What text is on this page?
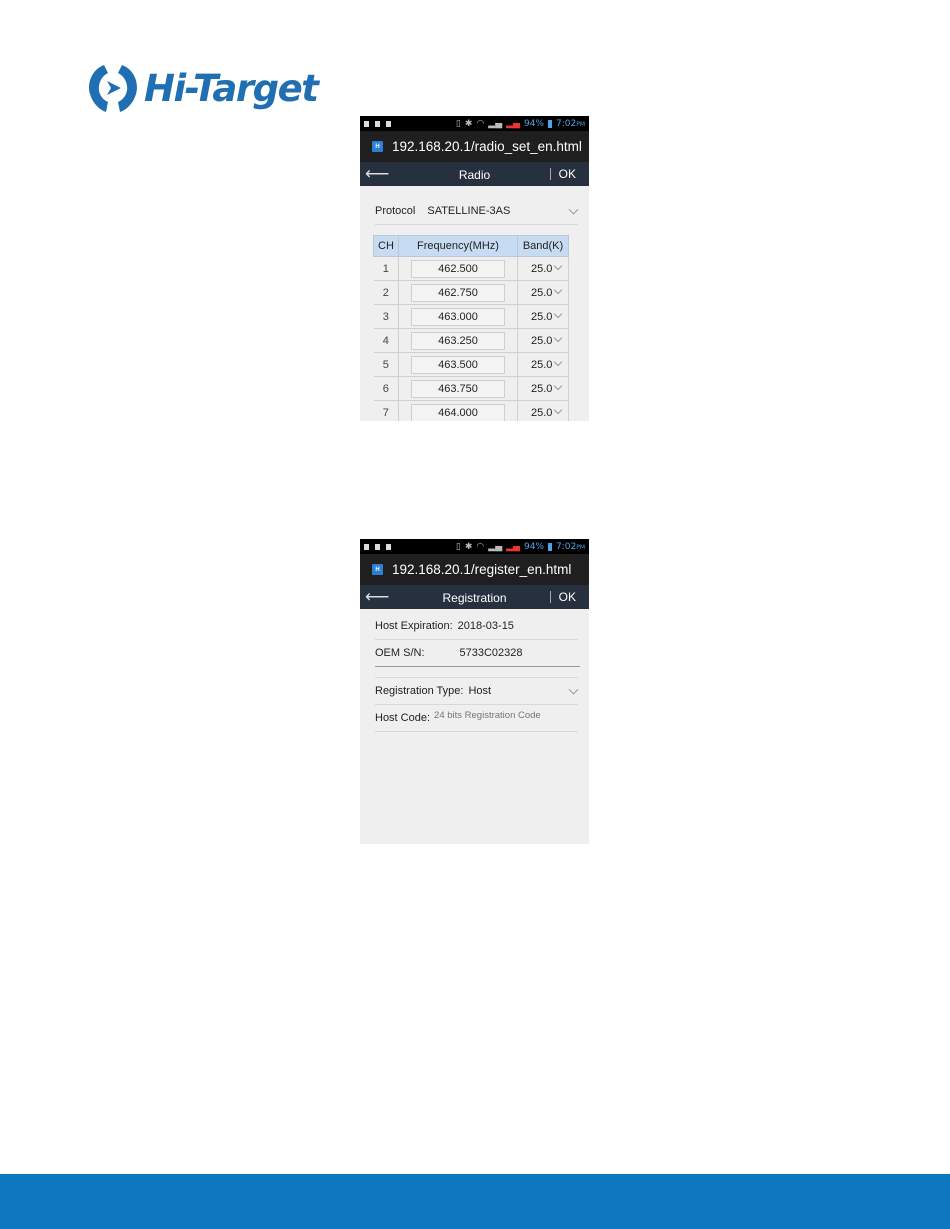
Hi-Target
▯ ✱ ◠ ▂▄ ▂▄ 94% 7:02PM
H 192.168.20.1/radio_set_en.html
⟵	Radio	OK
Protocol SATELLINE-3AS
CH	Frequency(MHz)	Band(K)
1	462.500	25.0
2	462.750	25.0
3	463.000	25.0
4	463.250	25.0
5	463.500	25.0
6	463.750	25.0
7	464.000	25.0
▯ ✱ ◠ ▂▄ ▂▄ 94% 7:02PM
H 192.168.20.1/register_en.html
⟵	Registration	OK
Host Expiration: 2018-03-15
OEM S/N:	5733C02328
Registration Type: Host
Host Code:
24 bits Registration Code
